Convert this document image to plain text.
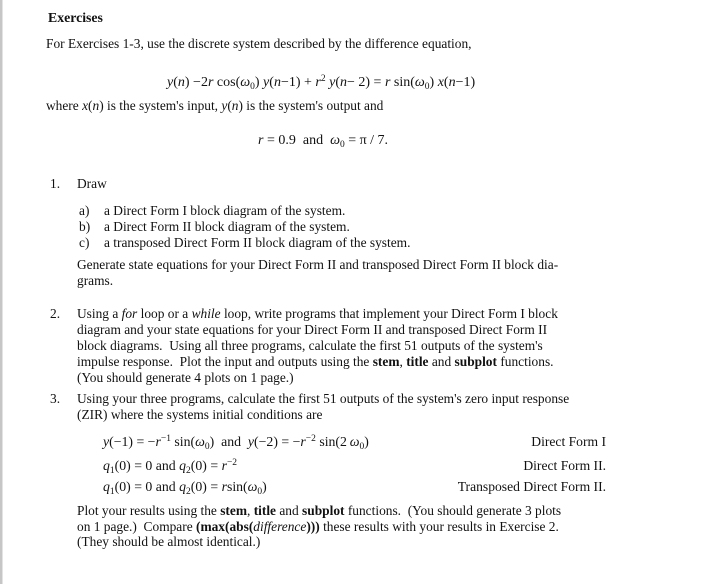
Exercises
For Exercises 1-3, use the discrete system described by the difference equation,
y(n) −2r $\cos(\omega_0) y(n-1) + r^2$ y(n− 2) = r $\sin(\omega_0)$ x(n−1)
where x(n) is the system's input, y(n) is the system's output and
r = 0.9  and  $\omega_0 = \pi / 7$.
1. Draw
a) a Direct Form I block diagram of the system.
b) a Direct Form II block diagram of the system.
c) a transposed Direct Form II block diagram of the system.
Generate state equations for your Direct Form II and transposed Direct Form II block dia-
grams.
2. Using a for loop or a while loop, write programs that implement your Direct Form I block
diagram and your state equations for your Direct Form II and transposed Direct Form II
block diagrams.  Using all three programs, calculate the first 51 outputs of the system's
impulse response.  Plot the input and outputs using the stem, title and subplot functions.
(You should generate 4 plots on 1 page.)
3. Using your three programs, calculate the first 51 outputs of the system's zero input response
(ZIR) where the systems initial conditions are
$y(-1) = -r^{-1}$ $\sin(\omega_0)$  and  $y(-2) = -r^{-2}$ sin(2 $\omega_0$)	Direct Form I
$q_1(0) = 0$ and $q_2(0) = r^{-2}$	Direct Form II.
$q_1(0) = 0$ and $q_2(0) = rsin(\omega_0)$	Transposed Direct Form II.
Plot your results using the stem, title and subplot functions.  (You should generate 3 plots
on 1 page.)  Compare (max(abs(difference))) these results with your results in Exercise 2.
(They should be almost identical.)
